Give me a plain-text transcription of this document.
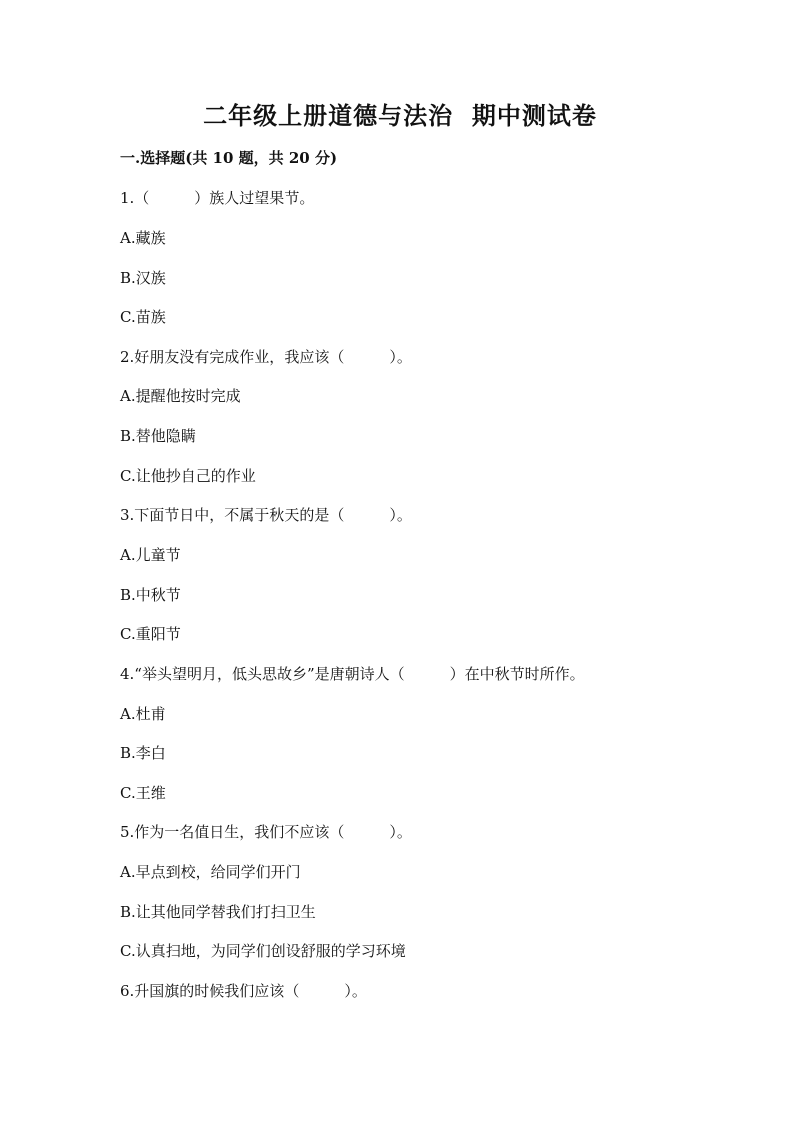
二年级上册道德与法治  期中测试卷
一.选择题(共 10 题，共 20 分)
1.（　　　）族人过望果节。
A.藏族
B.汉族
C.苗族
2.好朋友没有完成作业，我应该（　　　）。
A.提醒他按时完成
B.替他隐瞒
C.让他抄自己的作业
3.下面节日中，不属于秋天的是（　　　）。
A.儿童节
B.中秋节
C.重阳节
4.“举头望明月，低头思故乡”是唐朝诗人（　　　）在中秋节时所作。
A.杜甫
B.李白
C.王维
5.作为一名值日生，我们不应该（　　　）。
A.早点到校，给同学们开门
B.让其他同学替我们打扫卫生
C.认真扫地，为同学们创设舒服的学习环境
6.升国旗的时候我们应该（　　　）。
